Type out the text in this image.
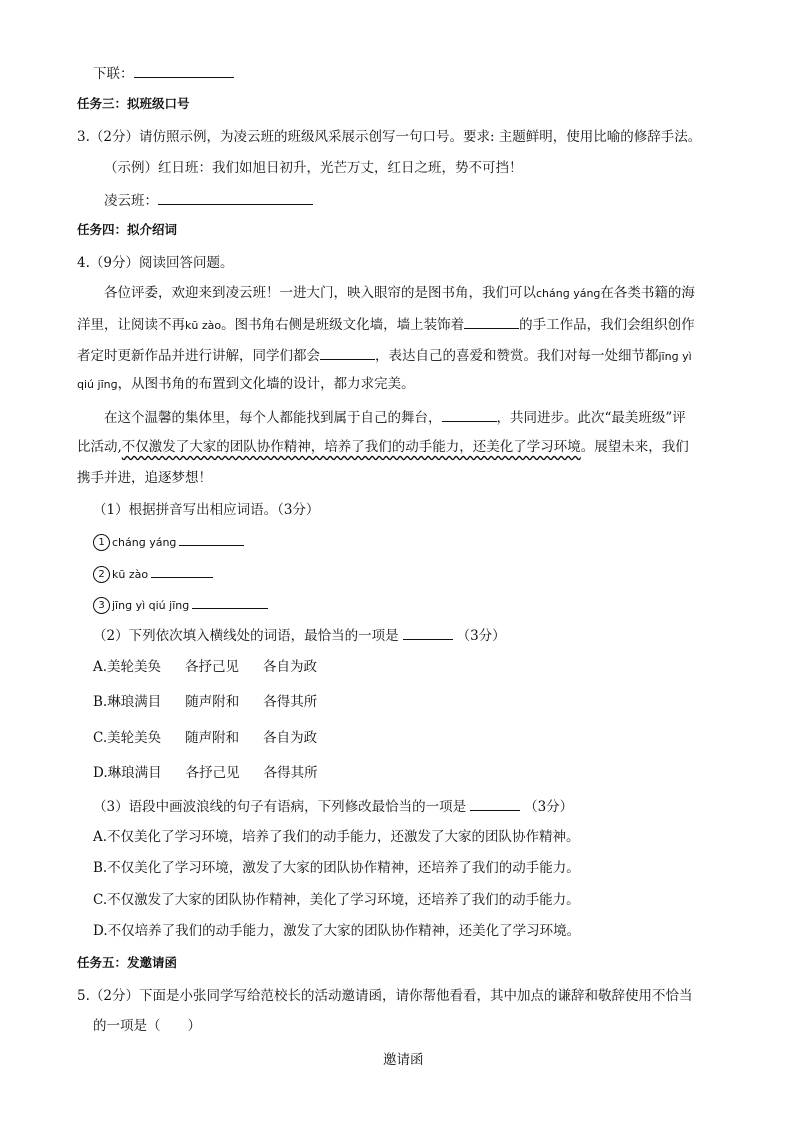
下联：
任务三：拟班级口号
3.（2分）请仿照示例，为凌云班的班级风采展示创写一句口号。要求: 主题鲜明，使用比喻的修辞手法。
（示例）红日班：我们如旭日初升，光芒万丈，红日之班，势不可挡！
凌云班：
任务四：拟介绍词
4.（9分）阅读回答问题。
各位评委，欢迎来到凌云班！一进大门，映入眼帘的是图书角，我们可以chánɡ yánɡ在各类书籍的海
洋里，让阅读不再kū zào。图书角右侧是班级文化墙，墙上装饰着	的手工作品，我们会组织创作
者定时更新作品并进行讲解，同学们都会	，表达自己的喜爱和赞赏。我们对每一处细节都jīnɡ yì
qiú jīnɡ，从图书角的布置到文化墙的设计，都力求完美。
在这个温馨的集体里，每个人都能找到属于自己的舞台，	，共同进步。此次“最美班级”评
比活动,不仅激发了大家的团队协作精神，培养了我们的动手能力，还美化了学习环境。展望未来，我们
携手并进，追逐梦想！
（1）根据拼音写出相应词语。（3分）
1 chánɡ yánɡ
2 kū zào
3 jīnɡ yì qiú jīnɡ
（2）下列依次填入横线处的词语，最恰当的一项是	（3分）
A.美轮美奂 各抒己见 各自为政
B.琳琅满目 随声附和 各得其所
C.美轮美奂 随声附和 各自为政
D.琳琅满目 各抒己见 各得其所
（3）语段中画波浪线的句子有语病，下列修改最恰当的一项是	（3分）
A.不仅美化了学习环境，培养了我们的动手能力，还激发了大家的团队协作精神。
B.不仅美化了学习环境，激发了大家的团队协作精神，还培养了我们的动手能力。
C.不仅激发了大家的团队协作精神，美化了学习环境，还培养了我们的动手能力。
D.不仅培养了我们的动手能力，激发了大家的团队协作精神，还美化了学习环境。
任务五：发邀请函
5.（2分）下面是小张同学写给范校长的活动邀请函，请你帮他看看，其中加点的谦辞和敬辞使用不恰当
的一项是（　　）
邀请函
